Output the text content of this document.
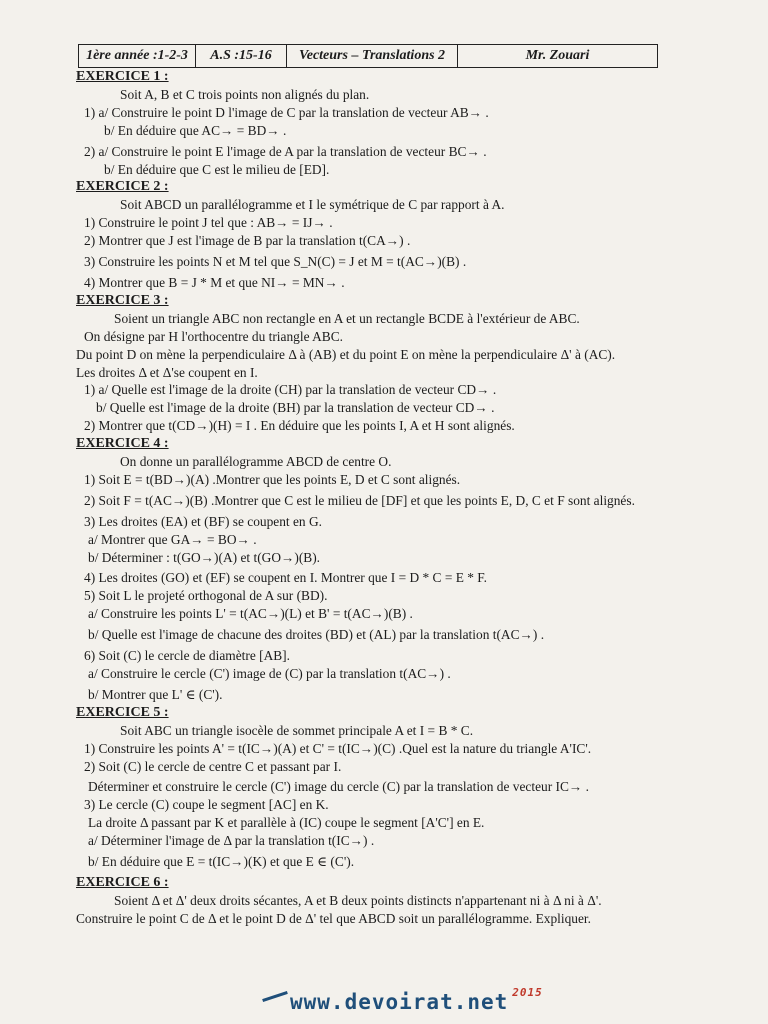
1ère année :1-2-3	A.S :15-16	Vecteurs – Translations 2	Mr. Zouari
EXERCICE 1 :
Soit A, B et C trois points non alignés du plan.
1) a/ Construire le point D l'image de C par la translation de vecteur AB→ .
b/ En déduire que AC→ = BD→ .
2) a/ Construire le point E l'image de A par la translation de vecteur BC→ .
b/ En déduire que C est le milieu de [ED].
EXERCICE 2 :
Soit ABCD un parallélogramme et I le symétrique de C par rapport à A.
1) Construire le point J tel que : AB→ = IJ→ .
2) Montrer que J est l'image de B par la translation t(CA→) .
3) Construire les points N et M tel que S_N(C) = J et M = t(AC→)(B) .
4) Montrer que B = J * M et que NI→ = MN→ .
EXERCICE 3 :
Soient un triangle ABC non rectangle en A et un rectangle BCDE à l'extérieur de ABC.
On désigne par H l'orthocentre du triangle ABC.
Du point D on mène la perpendiculaire Δ à (AB) et du point E on mène la perpendiculaire Δ' à (AC).
Les droites Δ et Δ'se coupent en I.
1) a/ Quelle est l'image de la droite (CH) par la translation de vecteur CD→ .
b/ Quelle est l'image de la droite (BH) par la translation de vecteur CD→ .
2) Montrer que t(CD→)(H) = I . En déduire que les points I, A et H sont alignés.
EXERCICE 4 :
On donne un parallélogramme ABCD de centre O.
1) Soit E = t(BD→)(A) .Montrer que les points E, D et C sont alignés.
2) Soit F = t(AC→)(B) .Montrer que C est le milieu de [DF] et que les points E, D, C et F sont alignés.
3) Les droites (EA) et (BF) se coupent en G.
a/ Montrer que GA→ = BO→ .
b/ Déterminer : t(GO→)(A) et t(GO→)(B).
4) Les droites (GO) et (EF) se coupent en I. Montrer que I = D * C = E * F.
5) Soit L le projeté orthogonal de A sur (BD).
a/ Construire les points L' = t(AC→)(L) et B' = t(AC→)(B) .
b/ Quelle est l'image de chacune des droites (BD) et (AL) par la translation t(AC→) .
6) Soit (C) le cercle de diamètre [AB].
a/ Construire le cercle (C') image de (C) par la translation t(AC→) .
b/ Montrer que L' ∈ (C').
EXERCICE 5 :
Soit ABC un triangle isocèle de sommet principale A et I = B * C.
1) Construire les points A' = t(IC→)(A) et C' = t(IC→)(C) .Quel est la nature du triangle A'IC'.
2) Soit (C) le cercle de centre C et passant par I.
Déterminer et construire le cercle (C') image du cercle (C) par la translation de vecteur IC→ .
3) Le cercle (C) coupe le segment [AC] en K.
La droite Δ passant par K et parallèle à (IC) coupe le segment [A'C'] en E.
a/ Déterminer l'image de Δ par la translation t(IC→) .
b/ En déduire que E = t(IC→)(K) et que E ∈ (C').
EXERCICE 6 :
Soient Δ et Δ' deux droits sécantes, A et B deux points distincts n'appartenant ni à Δ ni à Δ'.
Construire le point C de Δ et le point D de Δ' tel que ABCD soit un parallélogramme. Expliquer.
www.devoirat.net 2015
